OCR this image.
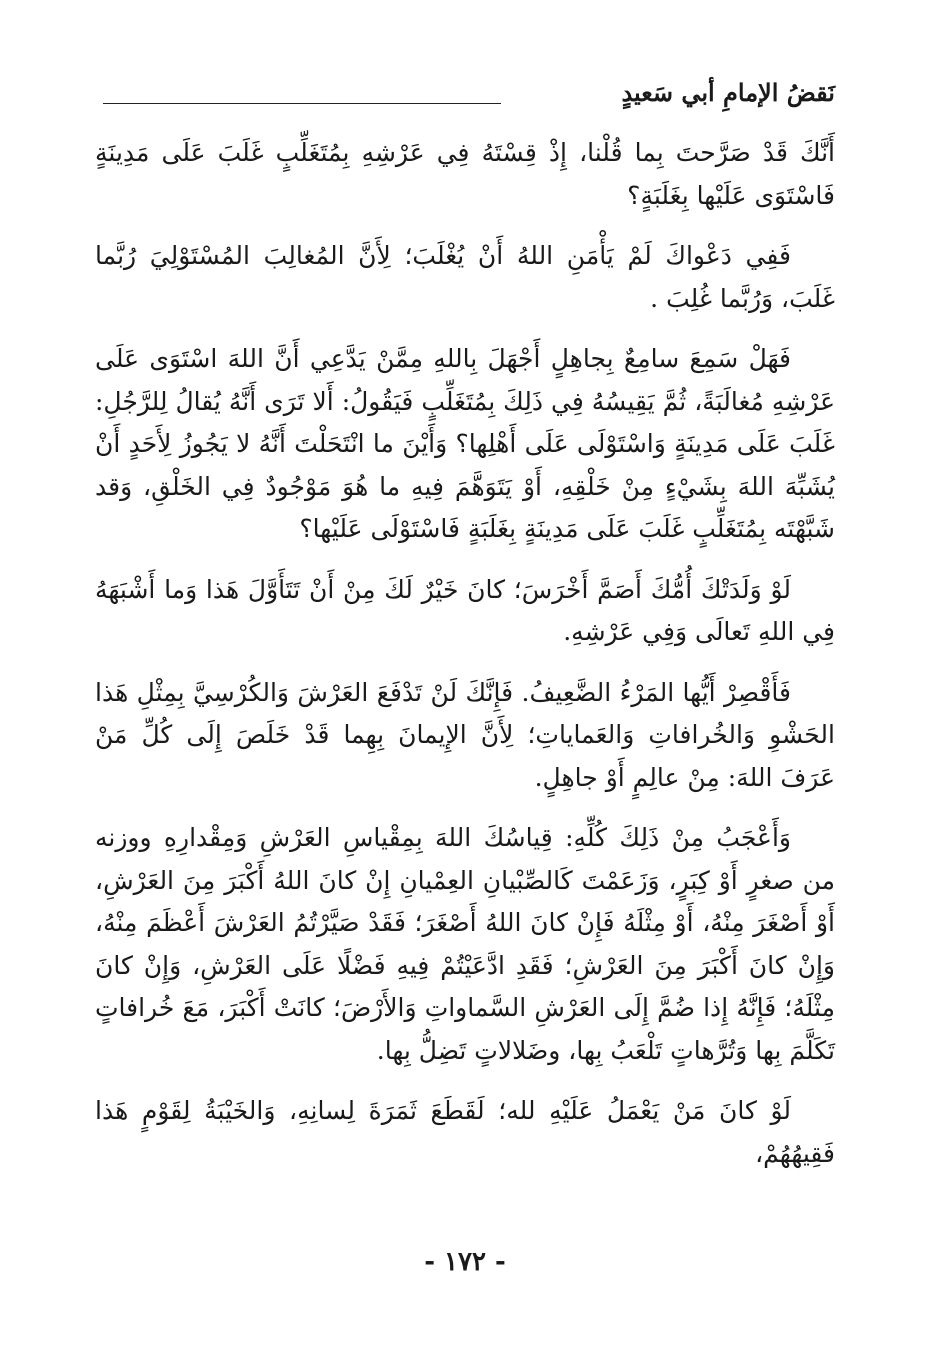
نَقضُ الإمامِ أبي سَعيدٍ

أَنَّكَ قَدْ صَرَّحتَ بِما قُلْنا، إِذْ قِسْتَهُ فِي عَرْشِهِ بِمُتَغَلِّبٍ غَلَبَ عَلَى مَدِينَةٍ فَاسْتَوَى عَلَيْها بِغَلَبَةٍ؟

فَفِي دَعْواكَ لَمْ يَأْمَنِ اللهُ أَنْ يُغْلَبَ؛ لِأَنَّ المُغالِبَ المُسْتَوْلِيَ رُبَّما غَلَبَ، وَرُبَّما غُلِبَ .

فَهَلْ سَمِعَ سامِعٌ بِجاهِلٍ أَجْهَلَ بِاللهِ مِمَّنْ يَدَّعِي أَنَّ اللهَ اسْتَوَى عَلَى عَرْشِهِ مُغالَبَةً، ثُمَّ يَقِيسُهُ فِي ذَلِكَ بِمُتَغَلِّبٍ فَيَقُولُ: أَلا تَرَى أَنَّهُ يُقالُ لِلرَّجُلِ: غَلَبَ عَلَى مَدِينَةٍ وَاسْتَوْلَى عَلَى أَهْلِها؟ وَأَيْنَ ما انْتَحَلْتَ أَنَّهُ لا يَجُوزُ لِأَحَدٍ أَنْ يُشَبِّهَ اللهَ بِشَيْءٍ مِنْ خَلْقِهِ، أَوْ يَتَوَهَّمَ فِيهِ ما هُوَ مَوْجُودٌ فِي الخَلْقِ، وَقد شَبَّهْتَه بِمُتَغَلِّبٍ غَلَبَ عَلَى مَدِينَةٍ بِغَلَبَةٍ فَاسْتَوْلَى عَلَيْها؟

لَوْ وَلَدَتْكَ أُمُّكَ أَصَمَّ أَخْرَسَ؛ كانَ خَيْرٌ لَكَ مِنْ أَنْ تَتَأَوَّلَ هَذا وَما أَشْبَهَهُ فِي اللهِ تَعالَى وَفِي عَرْشِهِ.

فَأَقْصِرْ أَيُّها المَرْءُ الضَّعِيفُ. فَإِنَّكَ لَنْ تَدْفَعَ العَرْشَ وَالكُرْسِيَّ بِمِثْلِ هَذا الحَشْوِ وَالخُرافاتِ وَالعَماياتِ؛ لِأَنَّ الإِيمانَ بِهِما قَدْ خَلَصَ إِلَى كُلِّ مَنْ عَرَفَ اللهَ: مِنْ عالِمٍ أَوْ جاهِلٍ.

وَأَعْجَبُ مِنْ ذَلِكَ كُلِّهِ: قِياسُكَ اللهَ بِمِقْياسِ العَرْشِ وَمِقْدارِهِ ووزنه من صغرٍ أَوْ كِبَرٍ، وَزَعَمْتَ كَالصِّبْيانِ العِمْيانِ إِنْ كانَ اللهُ أَكْبَرَ مِنَ العَرْشِ، أَوْ أَصْغَرَ مِنْهُ، أَوْ مِثْلَهُ فَإِنْ كانَ اللهُ أَصْغَرَ؛ فَقَدْ صَيَّرْتُمُ العَرْشَ أَعْظَمَ مِنْهُ، وَإِنْ كانَ أَكْبَرَ مِنَ العَرْشِ؛ فَقَدِ ادَّعَيْتُمْ فِيهِ فَضْلًا عَلَى العَرْشِ، وَإِنْ كانَ مِثْلَهُ؛ فَإِنَّهُ إِذا ضُمَّ إِلَى العَرْشِ السَّماواتِ وَالأَرْضَ؛ كانَتْ أَكْبَرَ، مَعَ خُرافاتٍ تَكَلَّمَ بِها وَتُرَّهاتٍ تَلْعَبُ بِها، وضَلالاتٍ تَضِلُّ بِها.

لَوْ كانَ مَنْ يَعْمَلُ عَلَيْهِ لله؛ لَقَطَعَ ثَمَرَةَ لِسانِهِ، وَالخَيْبَةُ لِقَوْمٍ هَذا فَقِيهُهُمْ،

- ١٧٢ -
